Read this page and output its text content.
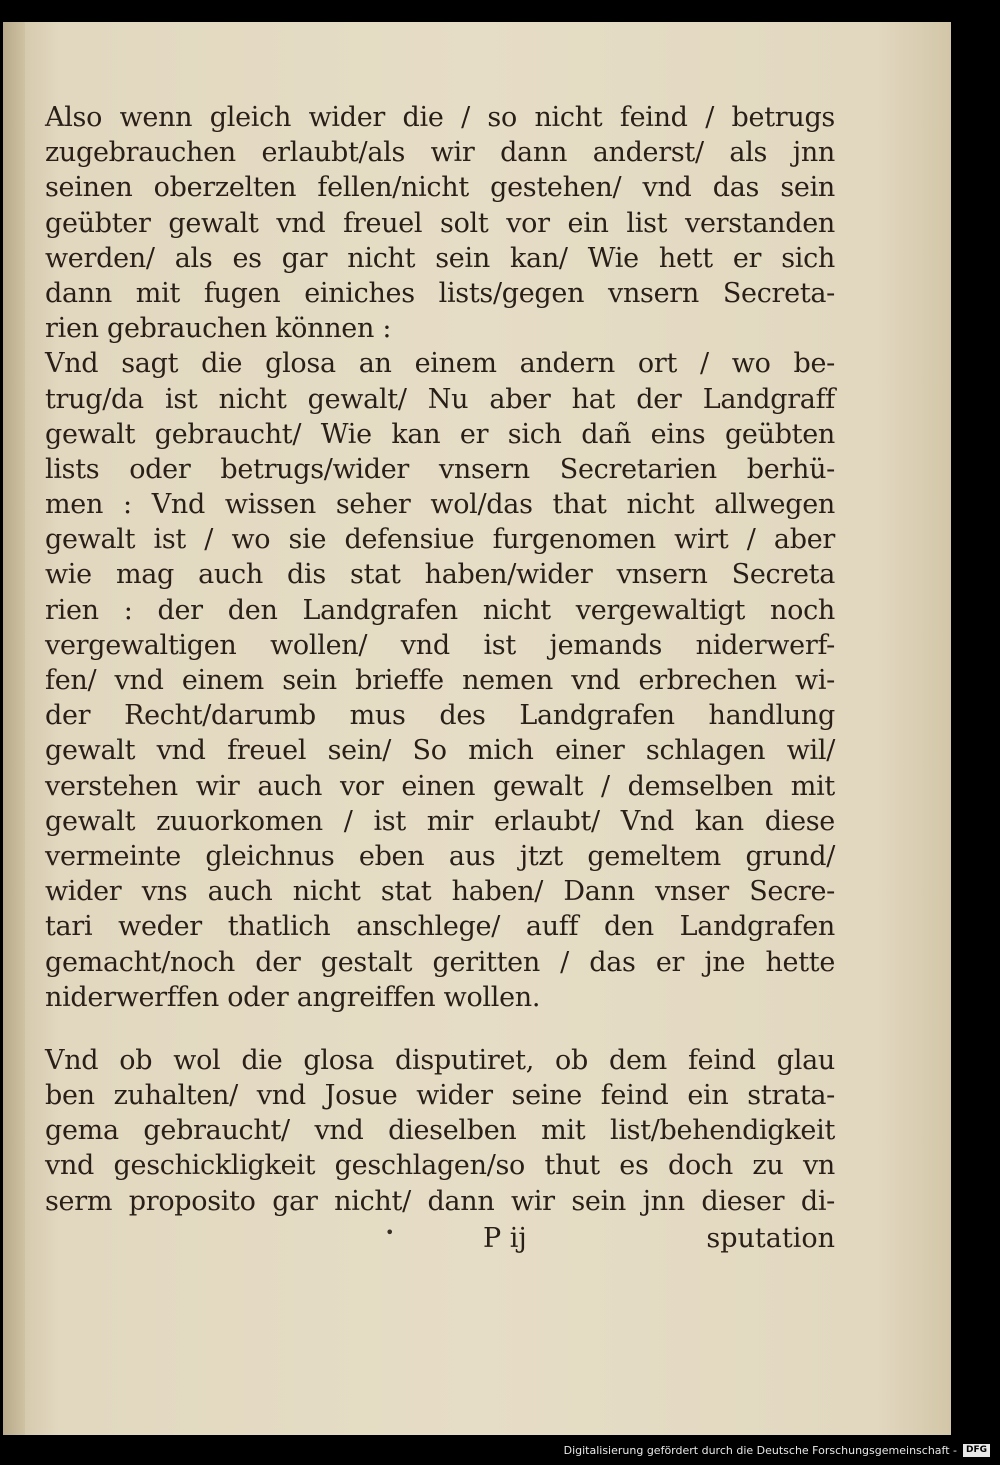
Also wenn gleich wider die / so nicht feind / betrugs
zugebrauchen erlaubt/als wir dann anderst/ als jnn
seinen oberzelten fellen/nicht gestehen/ vnd das sein
geübter gewalt vnd freuel solt vor ein list verstanden
werden/ als es gar nicht sein kan/ Wie hett er sich
dann mit fugen einiches lists/gegen vnsern Secreta-
rien gebrauchen können :
Vnd sagt die glosa an einem andern ort / wo be-
trug/da ist nicht gewalt/ Nu aber hat der Landgraff
gewalt gebraucht/ Wie kan er sich dañ eins geübten
lists oder betrugs/wider vnsern Secretarien berhü-
men : Vnd wissen seher wol/das that nicht allwegen
gewalt ist / wo sie defensiue furgenomen wirt / aber
wie mag auch dis stat haben/wider vnsern Secreta
rien : der den Landgrafen nicht vergewaltigt noch
vergewaltigen wollen/ vnd ist jemands niderwerf-
fen/ vnd einem sein brieffe nemen vnd erbrechen wi-
der Recht/darumb mus des Landgrafen handlung
gewalt vnd freuel sein/ So mich einer schlagen wil/
verstehen wir auch vor einen gewalt / demselben mit
gewalt zuuorkomen / ist mir erlaubt/ Vnd kan diese
vermeinte gleichnus eben aus jtzt gemeltem grund/
wider vns auch nicht stat haben/ Dann vnser Secre-
tari weder thatlich anschlege/ auff den Landgrafen
gemacht/noch der gestalt geritten / das er jne hette
niderwerffen oder angreiffen wollen.
Vnd ob wol die glosa disputiret, ob dem feind glau
ben zuhalten/ vnd Josue wider seine feind ein strata-
gema gebraucht/ vnd dieselben mit list/behendigkeit
vnd geschickligkeit geschlagen/so thut es doch zu vn
serm proposito gar nicht/ dann wir sein jnn dieser di-
•	P ij	sputation
Digitalisierung gefördert durch die Deutsche Forschungsgemeinschaft -	DFG
